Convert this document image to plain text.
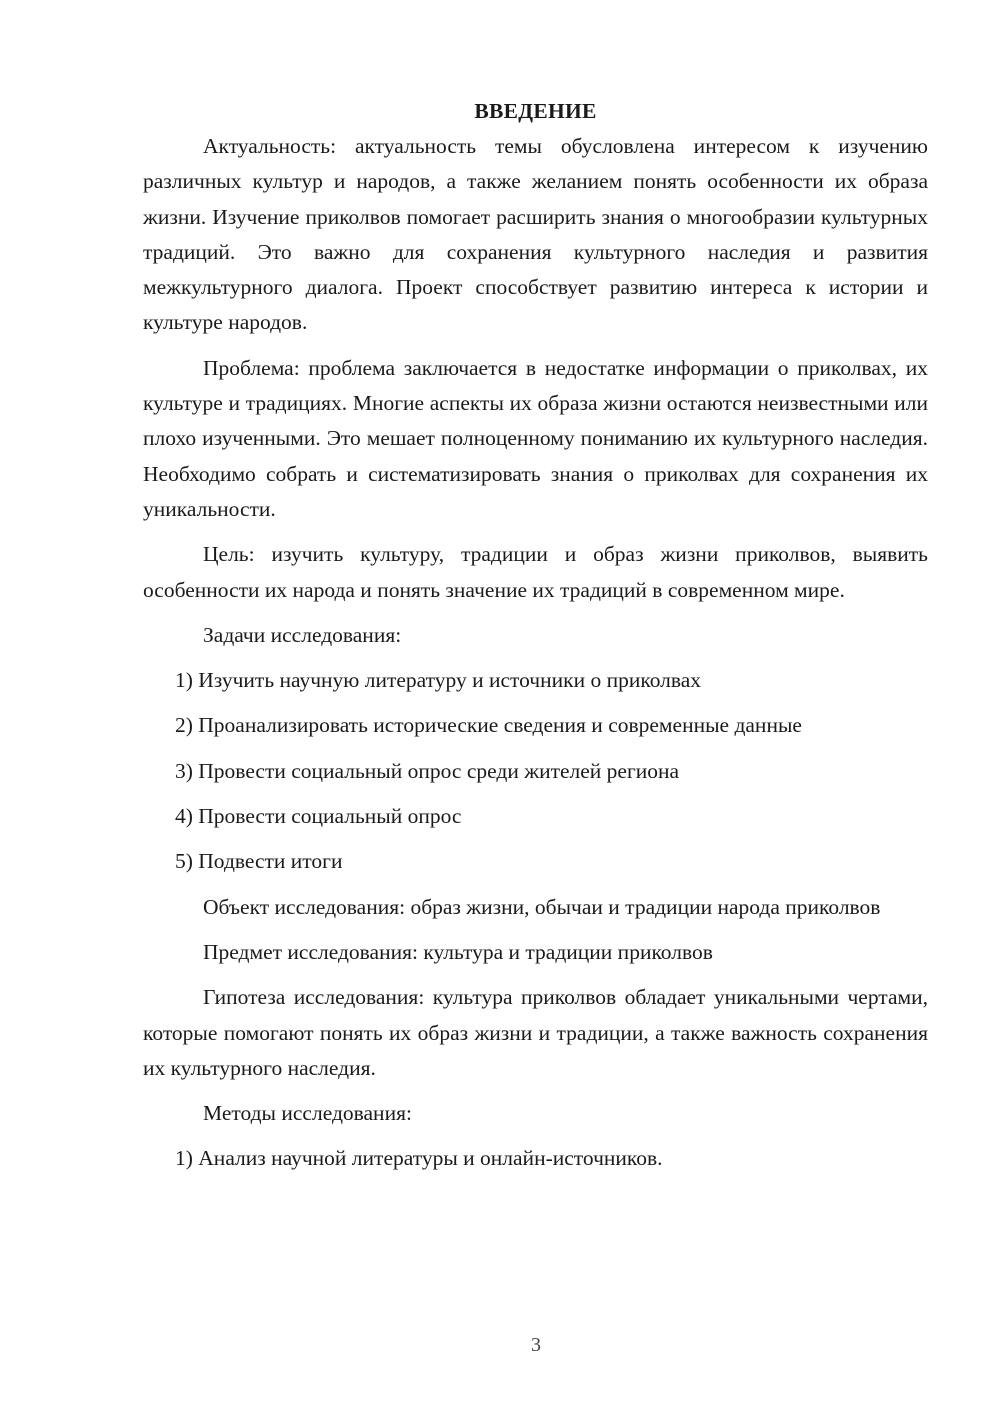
ВВЕДЕНИЕ

Актуальность: актуальность темы обусловлена интересом к изучению различных культур и народов, а также желанием понять особенности их образа жизни. Изучение приколвов помогает расширить знания о многообразии культурных традиций. Это важно для сохранения культурного наследия и развития межкультурного диалога. Проект способствует развитию интереса к истории и культуре народов.

Проблема: проблема заключается в недостатке информации о приколвах, их культуре и традициях. Многие аспекты их образа жизни остаются неизвестными или плохо изученными. Это мешает полноценному пониманию их культурного наследия. Необходимо собрать и систематизировать знания о приколвах для сохранения их уникальности.

Цель: изучить культуру, традиции и образ жизни приколвов, выявить особенности их народа и понять значение их традиций в современном мире.

Задачи исследования:

1) Изучить научную литературу и источники о приколвах
2) Проанализировать исторические сведения и современные данные
3) Провести социальный опрос среди жителей региона
4) Провести социальный опрос
5) Подвести итоги

Объект исследования: образ жизни, обычаи и традиции народа приколвов

Предмет исследования: культура и традиции приколвов

Гипотеза исследования: культура приколвов обладает уникальными чертами, которые помогают понять их образ жизни и традиции, а также важность сохранения их культурного наследия.

Методы исследования:

1) Анализ научной литературы и онлайн-источников.
3
